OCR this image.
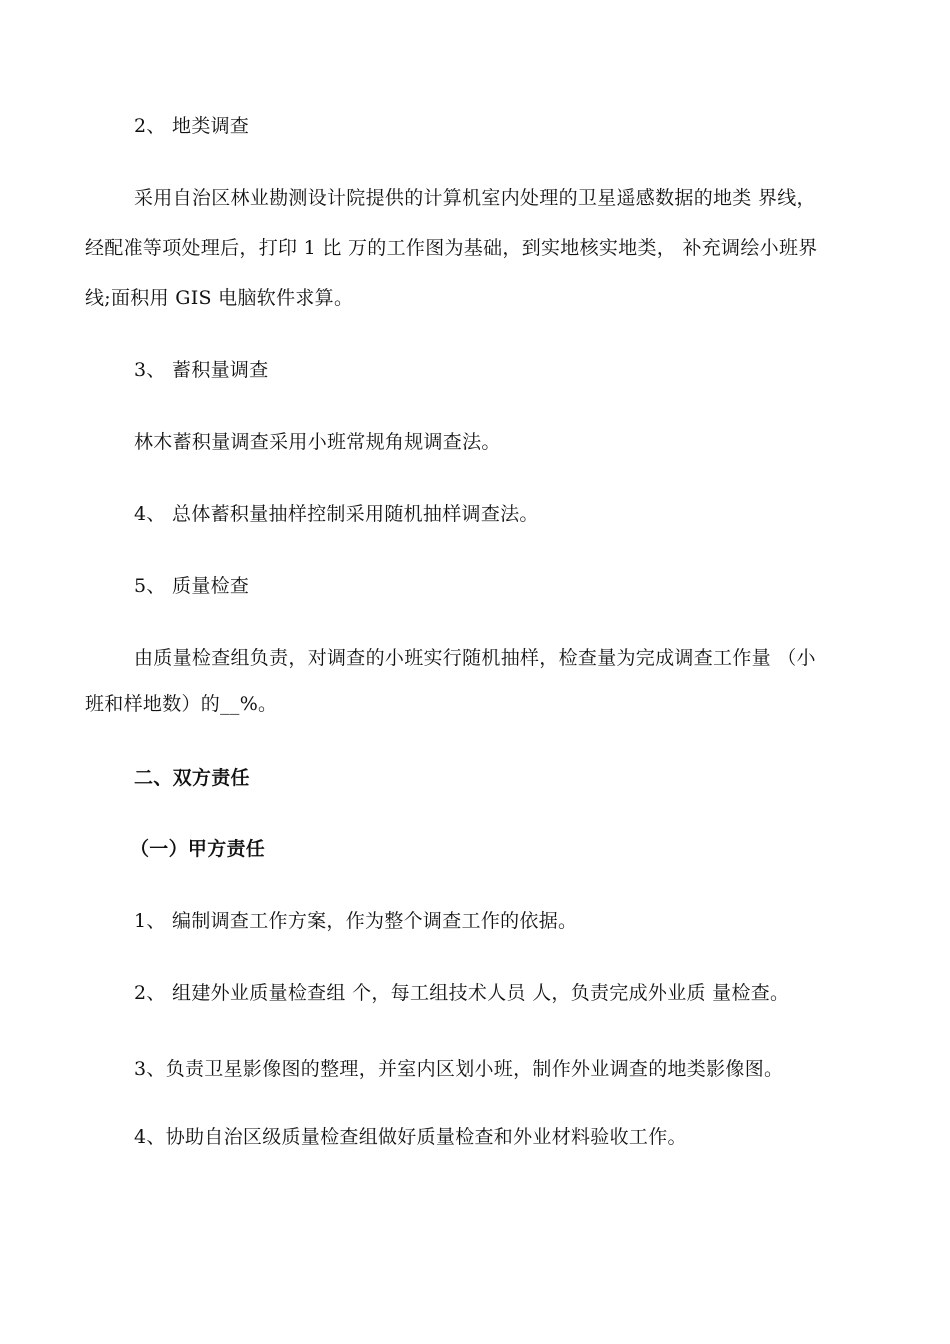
2、 地类调查
采用自治区林业勘测设计院提供的计算机室内处理的卫星遥感数据的地类 界线，
经配准等项处理后，打印 1 比 万的工作图为基础，到实地核实地类， 补充调绘小班界
线;面积用 GIS 电脑软件求算。
3、 蓄积量调查
林木蓄积量调查采用小班常规角规调查法。
4、 总体蓄积量抽样控制采用随机抽样调查法。
5、 质量检查
由质量检查组负责，对调查的小班实行随机抽样，检查量为完成调查工作量 （小
班和样地数）的__%。
二、双方责任
（一）甲方责任
1、 编制调查工作方案，作为整个调查工作的依据。
2、 组建外业质量检查组 个，每工组技术人员 人，负责完成外业质 量检查。
3、负责卫星影像图的整理，并室内区划小班，制作外业调查的地类影像图。
4、协助自治区级质量检查组做好质量检查和外业材料验收工作。
